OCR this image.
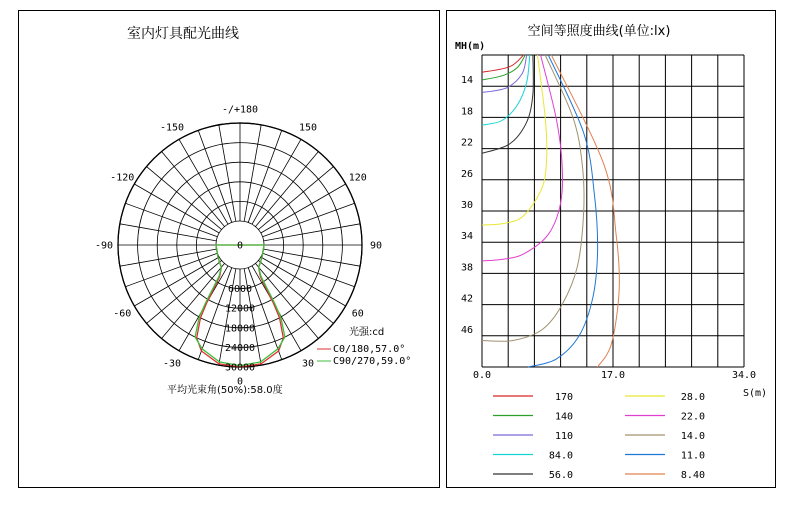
室内灯具配光曲线
-/+180
150
120
90
60
30
0
-30
-60
-90
-120
-150
0
6000
12000
18000
24000
30000
光强:cd
C0/180,57.0°
C90/270,59.0°
平均光束角(50%):58.0度
空间等照度曲线(单位:lx)
MH(m)
S(m)
14
18
22
26
30
34
38
42
46
0.0	17.0	34.0
170
140
110
84.0
56.0
28.0
22.0
14.0
11.0
8.40
